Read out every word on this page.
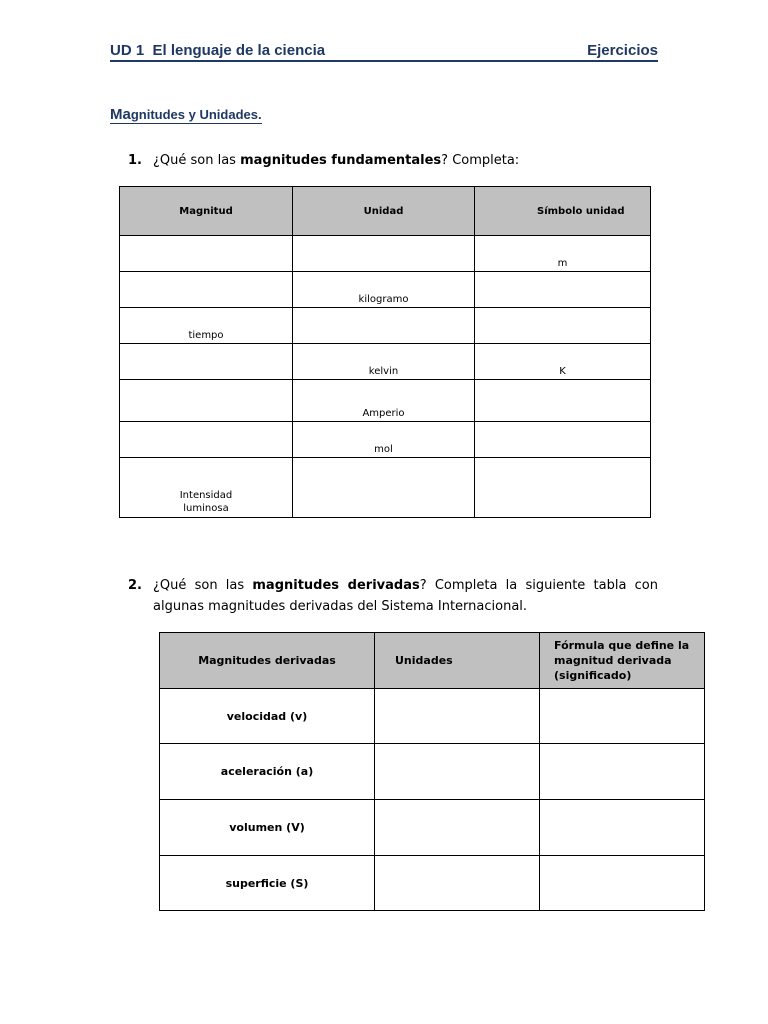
UD 1  El lenguaje de la ciencia	Ejercicios
Magnitudes y Unidades.
1. ¿Qué son las magnitudes fundamentales? Completa:
Magnitud	Unidad	Símbolo unidad
		m
	kilogramo	
tiempo		
	kelvin	K
	Amperio	
	mol	
Intensidad luminosa		
2. ¿Qué son las magnitudes derivadas? Completa la siguiente tabla con algunas magnitudes derivadas del Sistema Internacional.
Magnitudes derivadas	Unidades	Fórmula que define la magnitud derivada (significado)
velocidad (v)		
aceleración (a)		
volumen (V)		
superficie (S)		
